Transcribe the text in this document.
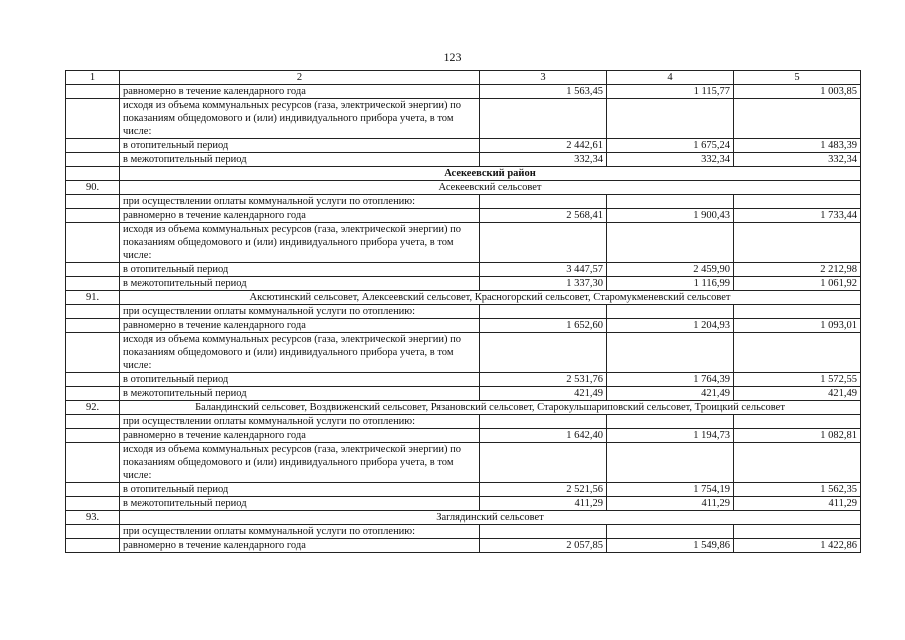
123
1	2	3	4	5
	равномерно в течение календарного года	1 563,45	1 115,77	1 003,85
	исходя из объема коммунальных ресурсов (газа, электрической энергии) по показаниям общедомового и (или) индивидуального прибора учета, в том числе:			
	в отопительный период	2 442,61	1 675,24	1 483,39
	в межотопительный период	332,34	332,34	332,34
	Асекеевский район			
90.	Асекеевский сельсовет			
	при осуществлении оплаты коммунальной услуги по отоплению:			
	равномерно в течение календарного года	2 568,41	1 900,43	1 733,44
	исходя из объема коммунальных ресурсов (газа, электрической энергии) по показаниям общедомового и (или) индивидуального прибора учета, в том числе:			
	в отопительный период	3 447,57	2 459,90	2 212,98
	в межотопительный период	1 337,30	1 116,99	1 061,92
91.	Аксютинский сельсовет, Алексеевский сельсовет, Красногорский сельсовет, Старомукменевский сельсовет			
	при осуществлении оплаты коммунальной услуги по отоплению:			
	равномерно в течение календарного года	1 652,60	1 204,93	1 093,01
	исходя из объема коммунальных ресурсов (газа, электрической энергии) по показаниям общедомового и (или) индивидуального прибора учета, в том числе:			
	в отопительный период	2 531,76	1 764,39	1 572,55
	в межотопительный период	421,49	421,49	421,49
92.	Баландинский сельсовет, Воздвиженский сельсовет, Рязановский сельсовет, Старокульшариповский сельсовет, Троицкий сельсовет			
	при осуществлении оплаты коммунальной услуги по отоплению:			
	равномерно в течение календарного года	1 642,40	1 194,73	1 082,81
	исходя из объема коммунальных ресурсов (газа, электрической энергии) по показаниям общедомового и (или) индивидуального прибора учета, в том числе:			
	в отопительный период	2 521,56	1 754,19	1 562,35
	в межотопительный период	411,29	411,29	411,29
93.	Заглядинский сельсовет			
	при осуществлении оплаты коммунальной услуги по отоплению:			
	равномерно в течение календарного года	2 057,85	1 549,86	1 422,86
